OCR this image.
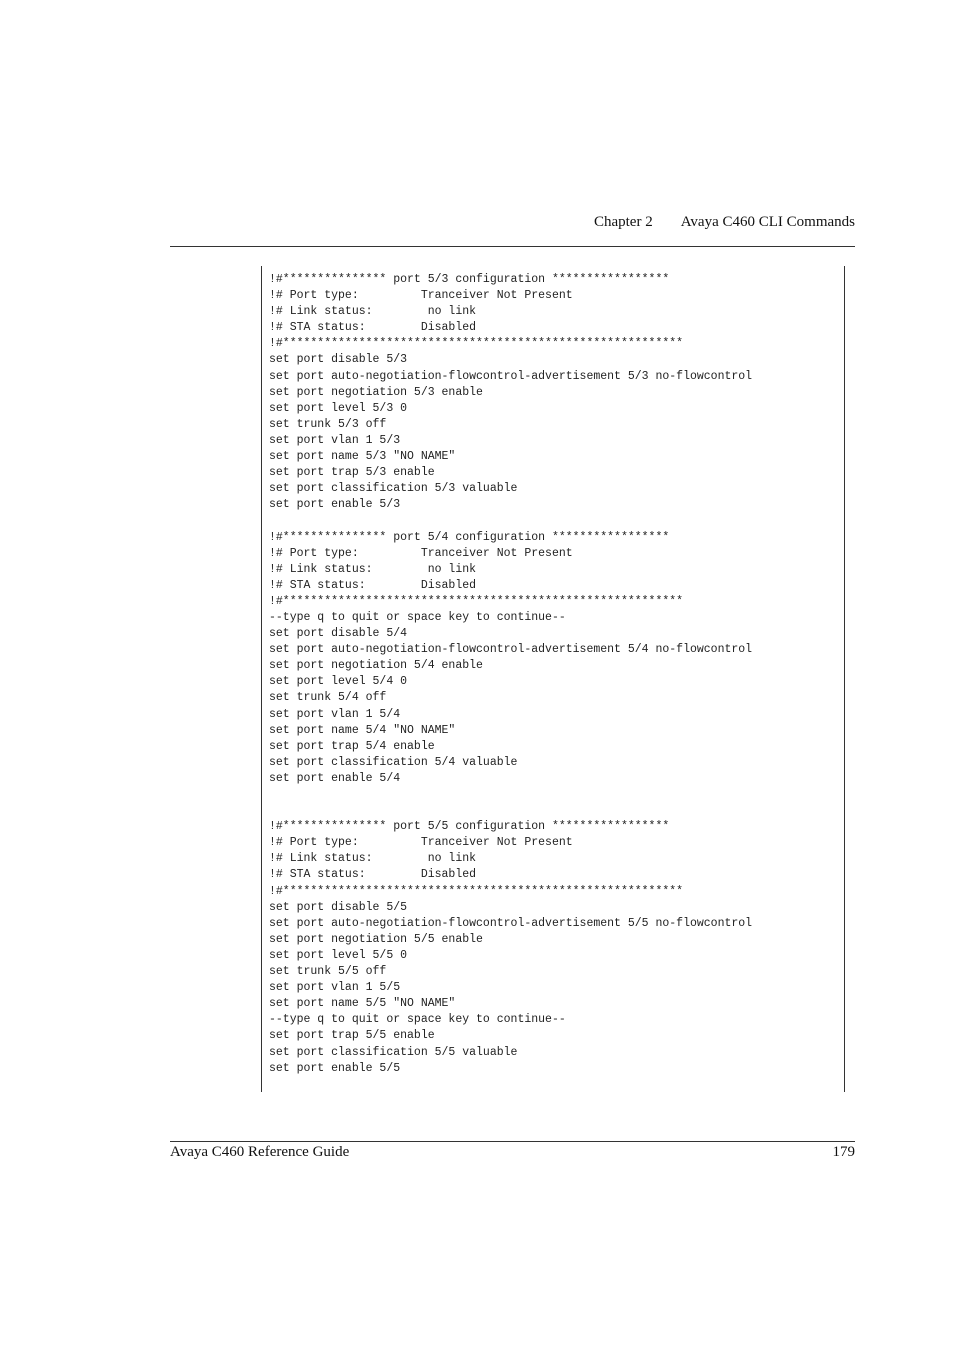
Chapter 2 Avaya C460 CLI Commands
!#*************** port 5/3 configuration *****************
!# Port type:         Tranceiver Not Present
!# Link status:        no link
!# STA status:        Disabled
!#**********************************************************
set port disable 5/3
set port auto-negotiation-flowcontrol-advertisement 5/3 no-flowcontrol
set port negotiation 5/3 enable
set port level 5/3 0
set trunk 5/3 off
set port vlan 1 5/3
set port name 5/3 "NO NAME"
set port trap 5/3 enable
set port classification 5/3 valuable
set port enable 5/3
!#*************** port 5/4 configuration *****************
!# Port type:         Tranceiver Not Present
!# Link status:        no link
!# STA status:        Disabled
!#**********************************************************
--type q to quit or space key to continue--
set port disable 5/4
set port auto-negotiation-flowcontrol-advertisement 5/4 no-flowcontrol
set port negotiation 5/4 enable
set port level 5/4 0
set trunk 5/4 off
set port vlan 1 5/4
set port name 5/4 "NO NAME"
set port trap 5/4 enable
set port classification 5/4 valuable
set port enable 5/4
!#*************** port 5/5 configuration *****************
!# Port type:         Tranceiver Not Present
!# Link status:        no link
!# STA status:        Disabled
!#**********************************************************
set port disable 5/5
set port auto-negotiation-flowcontrol-advertisement 5/5 no-flowcontrol
set port negotiation 5/5 enable
set port level 5/5 0
set trunk 5/5 off
set port vlan 1 5/5
set port name 5/5 "NO NAME"
--type q to quit or space key to continue--
set port trap 5/5 enable
set port classification 5/5 valuable
set port enable 5/5
Avaya C460 Reference Guide	179
